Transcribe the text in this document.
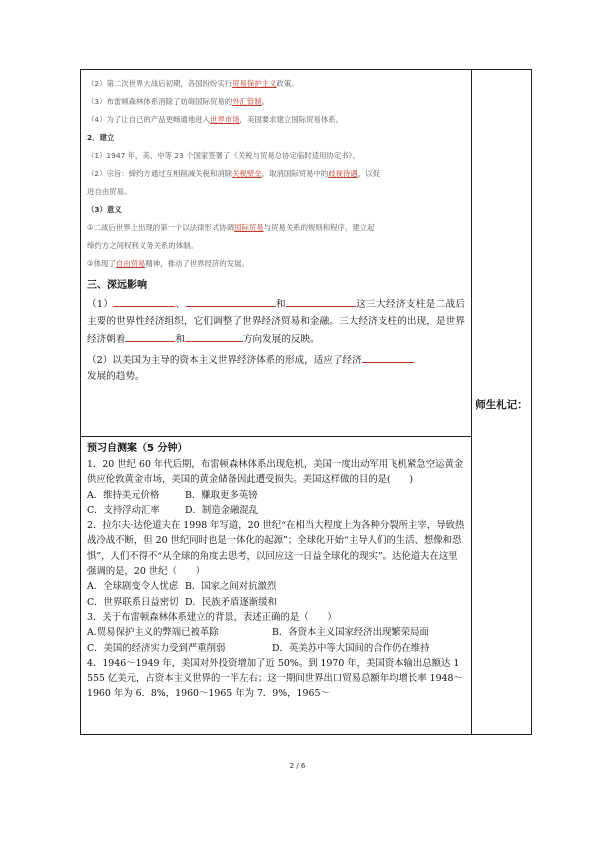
（2）第二次世界大战后初期，各国纷纷实行贸易保护主义政策。
（3）布雷顿森林体系消除了妨碍国际贸易的外汇管制。
（4）为了让自己的产品更畅通地进入世界市场，美国要求建立国际贸易体系。
2．建立
（1）1947 年，美、中等 23 个国家签署了《关税与贸易总协定临时适用协定书》。
（2）宗旨：締约方通过互相削减关税和消除关税壁垒，取消国际贸易中的歧视待遇，以促
进自由贸易。
（3）意义
①二战后世界上出现的第一个以法律形式协调国际贸易与贸易关系的规则和程序，建立起
缔约方之间权利义务关系的体制。
②体现了自由贸易精神，推动了世界经济的发展。
三、深远影响
（1）	、	和	这三大经济支柱是二战后主要的世界性经济组织，它们调整了世界经济贸易和金融。三大经济支柱的出现，是世界经济朝着	和	方向发展的反映。
（2）以美国为主导的资本主义世界经济体系的形成，适应了经济
发展的趋势。
	师生札记：

预习自测案（5 分钟）
1．20 世纪 60 年代后期，布雷顿森林体系出现危机，美国一度出动军用飞机紧急空运黄金供应伦敦黄金市场，美国的黄金储备因此遭受损失。美国这样做的目的是(　　)
A．维持美元价格	B．赚取更多英镑
C．支持浮动汇率	D．制造金融混乱
2．拉尔夫·达伦道夫在 1998 年写道，20 世纪“在相当大程度上为各种分裂所主宰，导致热战冷战不断，但 20 世纪同时也是一体化的起源”；全球化开始“主导人们的生活、想像和恐惧”，人们不得不“从全球的角度去思考，以回应这一日益全球化的现实”。达伦道夫在这里强调的是，20 世纪（　　）
A．全球剧变令人忧虑 B．国家之间对抗激烈
C．世界联系日益密切 D．民族矛盾逐渐缓和
3．关于布雷顿森林体系建立的背景，表述正确的是（　　）
A.贸易保护主义的弊端已被革除	B．各资本主义国家经济出现繁荣局面
C．美国的经济实力受到严重削弱	D．英美苏中等大国间的合作仍在维持
4．1946～1949 年，美国对外投资增加了近 50%。到 1970 年，美国资本输出总额达 1　555 亿美元，占资本主义世界的一半左右；这一期间世界出口贸易总额年均增长率 1948～1960 年为 6．8%，1960～1965 年为 7．9%，1965～
2 / 6
